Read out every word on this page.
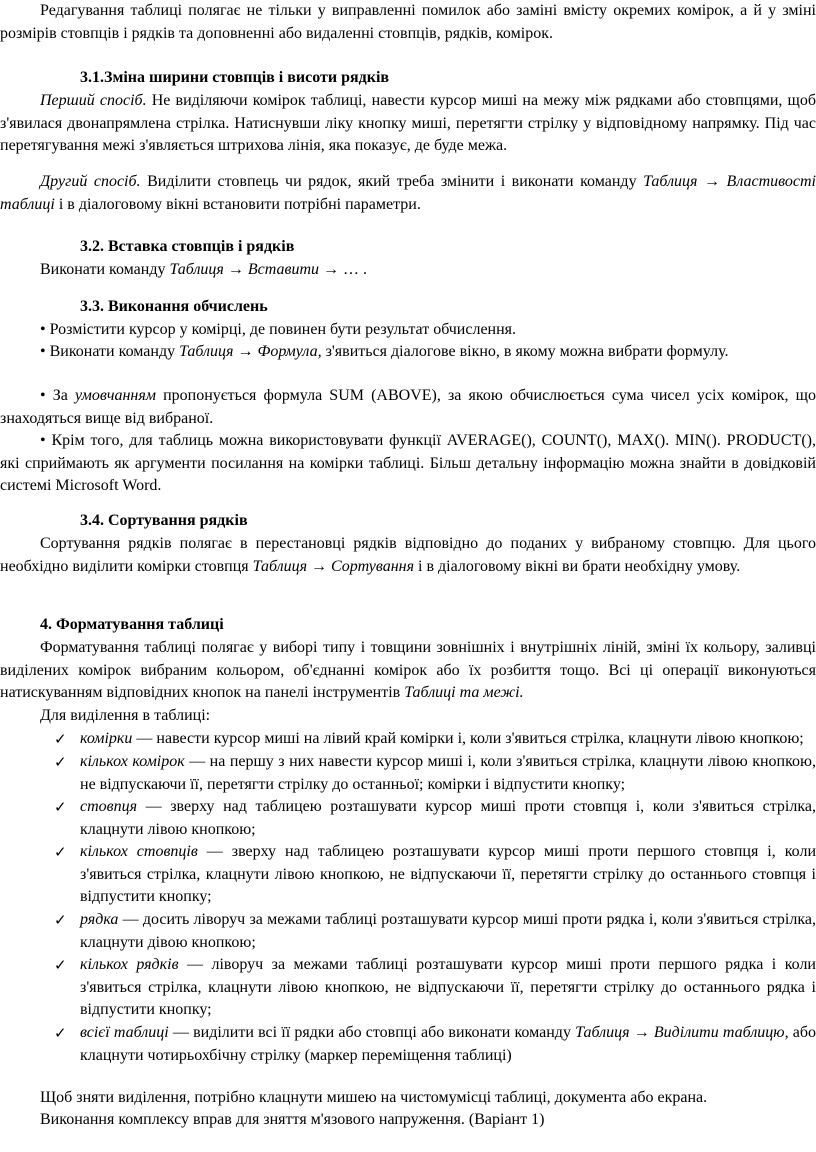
Редагування таблиці полягає не тільки у виправленні помилок або заміні вмісту окремих комірок, а й у зміні розмірів стовпців і рядків та доповненні або видаленні стовпців, рядків, комірок.

3.1.Зміна ширини стовпців і висоти рядків

Перший спосіб. Не виділяючи комірок таблиці, навести курсор миші на межу між рядками або стовпцями, щоб з'явилася двонапрямлена стрілка. Натиснувши ліку кнопку миші, перетягти стрілку у відповідному напрямку. Під час перетягування межі з'являється штрихова лінія, яка показує, де буде межа.

Другий спосіб. Виділити стовпець чи рядок, який треба змінити і виконати команду Таблиця → Властивості таблиці і в діалоговому вікні встановити потрібні параметри.

3.2. Вставка стовпців і рядків

Виконати команду Таблиця → Вставити → … .

3.3. Виконання обчислень

• Розмістити курсор у комірці, де повинен бути результат обчислення.

• Виконати команду Таблиця → Формула, з'явиться діалогове вікно, в якому можна вибрати формулу.

• За умовчанням пропонується формула SUM (ABOVE), за якою обчислюється сума чисел усіх комірок, що знаходяться вище від вибраної.

• Крім того, для таблиць можна використовувати функції AVERAGE(), COUNT(), MAX(). MIN(). PRODUCT(), які сприймають як аргументи посилання на комірки таблиці. Більш детальну інформацію можна знайти в довідковій системі Microsoft Word.

3.4. Сортування рядків

Сортування рядків полягає в перестановці рядків відповідно до поданих у вибраному стовпцю. Для цього необхідно виділити комірки стовпця Таблиця → Сортування і в діалоговому вікні ви брати необхідну умову.

4. Форматування таблиці

Форматування таблиці полягає у виборі типу і товщини зовнішніх і внутрішніх ліній, зміні їх кольору, заливці виділених комірок вибраним кольором, об'єднанні комірок або їх розбиття тощо. Всі ці операції виконуються натискуванням відповідних кнопок на панелі інструментів Таблиці та межі.

Для виділення в таблиці:

✓ комірки — навести курсор миші на лівий край комірки і, коли з'явиться стрілка, клацнути лівою кнопкою;
✓ кількох комірок — на першу з них навести курсор миші і, коли з'явиться стрілка, клацнути лівою кнопкою, не відпускаючи її, перетягти стрілку до останньої; комірки і відпустити кнопку;
✓ стовпця — зверху над таблицею розташувати курсор миші проти стовпця і, коли з'явиться стрілка, клацнути лівою кнопкою;
✓ кількох стовпців — зверху над таблицею розташувати курсор миші проти першого стовпця і, коли з'явиться стрілка, клацнути лівою кнопкою, не відпускаючи її, перетягти стрілку до останнього стовпця і відпустити кнопку;
✓ рядка — досить ліворуч за межами таблиці розташувати курсор миші проти рядка і, коли з'явиться стрілка, клацнути дівою кнопкою;
✓ кількох рядків — ліворуч за межами таблиці розташувати курсор миші проти першого рядка і коли з'явиться стрілка, клацнути лівою кнопкою, не відпускаючи її, перетягти стрілку до останнього рядка і відпустити кнопку;
✓ всієї таблиці — виділити всі її рядки або стовпці або виконати команду Таблиця → Виділити таблицю, або клацнути чотирьохбічну стрілку (маркер переміщення таблиці)

Щоб зняти виділення, потрібно клацнути мишею на чистомумісці таблиці, документа або екрана.

Виконання комплексу вправ для зняття м'язового напруження. (Варіант 1)
